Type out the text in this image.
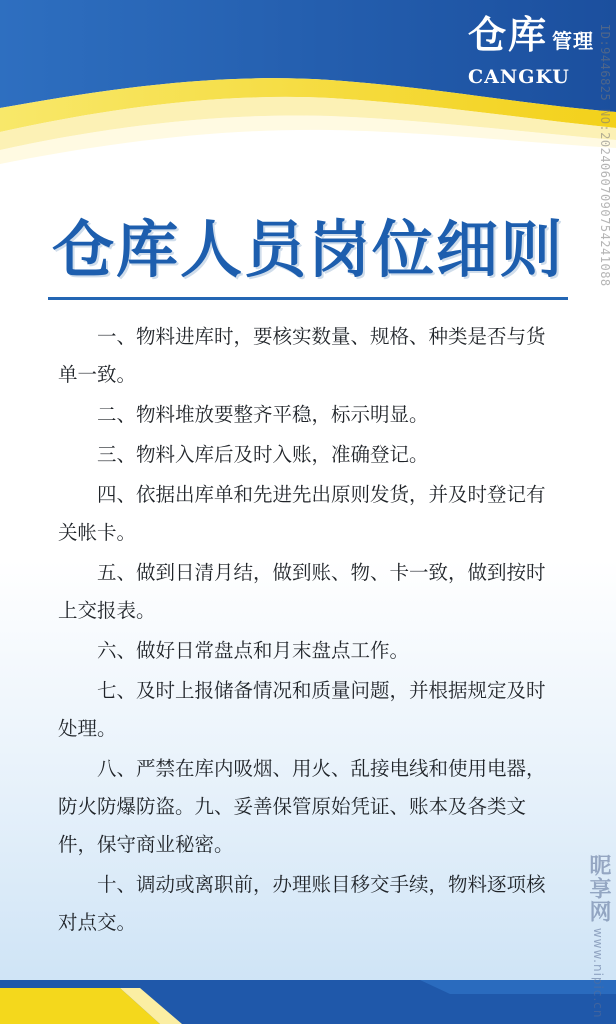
仓库 管理
CANGKU
仓库人员岗位细则

一、物料进库时，要核实数量、规格、种类是否与货单一致。

二、物料堆放要整齐平稳，标示明显。

三、物料入库后及时入账，准确登记。

四、依据出库单和先进先出原则发货，并及时登记有关帐卡。

五、做到日清月结，做到账、物、卡一致，做到按时上交报表。

六、做好日常盘点和月末盘点工作。

七、及时上报储备情况和质量问题，并根据规定及时处理。

八、严禁在库内吸烟、用火、乱接电线和使用电器，防火防爆防盗。九、妥善保管原始凭证、账本及各类文件，保守商业秘密。

十、调动或离职前，办理账目移交手续，物料逐项核对点交。

ID:9446825 NO:20240607090754241088
昵享网 www.nipic.cn
